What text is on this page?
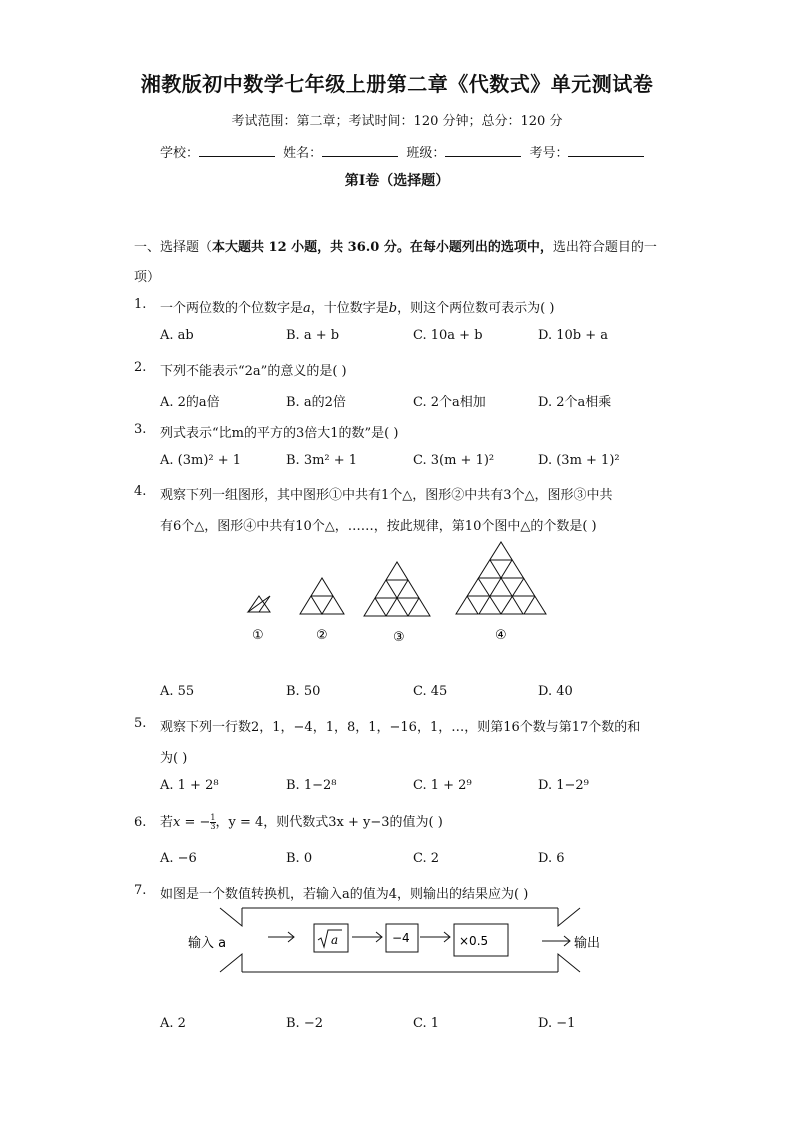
湘教版初中数学七年级上册第二章《代数式》单元测试卷
考试范围：第二章；考试时间：120 分钟；总分：120 分
学校：	姓名：	班级：	考号：
第I卷（选择题）
一、选择题（本大题共 12 小题，共 36.0 分。在每小题列出的选项中，选出符合题目的一项）
1. 一个两位数的个位数字是a，十位数字是b，则这个两位数可表示为( )
A. ab	B. a + b	C. 10a + b	D. 10b + a
2. 下列不能表示“2a”的意义的是( )
A. 2的a倍	B. a的2倍	C. 2个a相加	D. 2个a相乘
3. 列式表示“比m的平方的3倍大1的数”是( )
A. (3m)² + 1	B. 3m² + 1	C. 3(m + 1)²	D. (3m + 1)²
4. 观察下列一组图形，其中图形①中共有1个△，图形②中共有3个△，图形③中共
有6个△，图形④中共有10个△，……，按此规律，第10个图中△的个数是( )
①	②	③	④
A. 55	B. 50	C. 45	D. 40
5. 观察下列一行数2，1，−4，1，8，1，−16，1，…，则第16个数与第17个数的和
为( )
A. 1 + 2⁸	B. 1−2⁸	C. 1 + 2⁹	D. 1−2⁹
6. 若x = − $\frac{1}{3}$ ，y = 4，则代数式3x + y−3的值为( )
A. −6	B. 0	C. 2	D. 6
7. 如图是一个数值转换机，若输入a的值为4，则输出的结果应为( )
输入 a	a	−4	×0.5	输出
A. 2	B. −2	C. 1	D. −1
